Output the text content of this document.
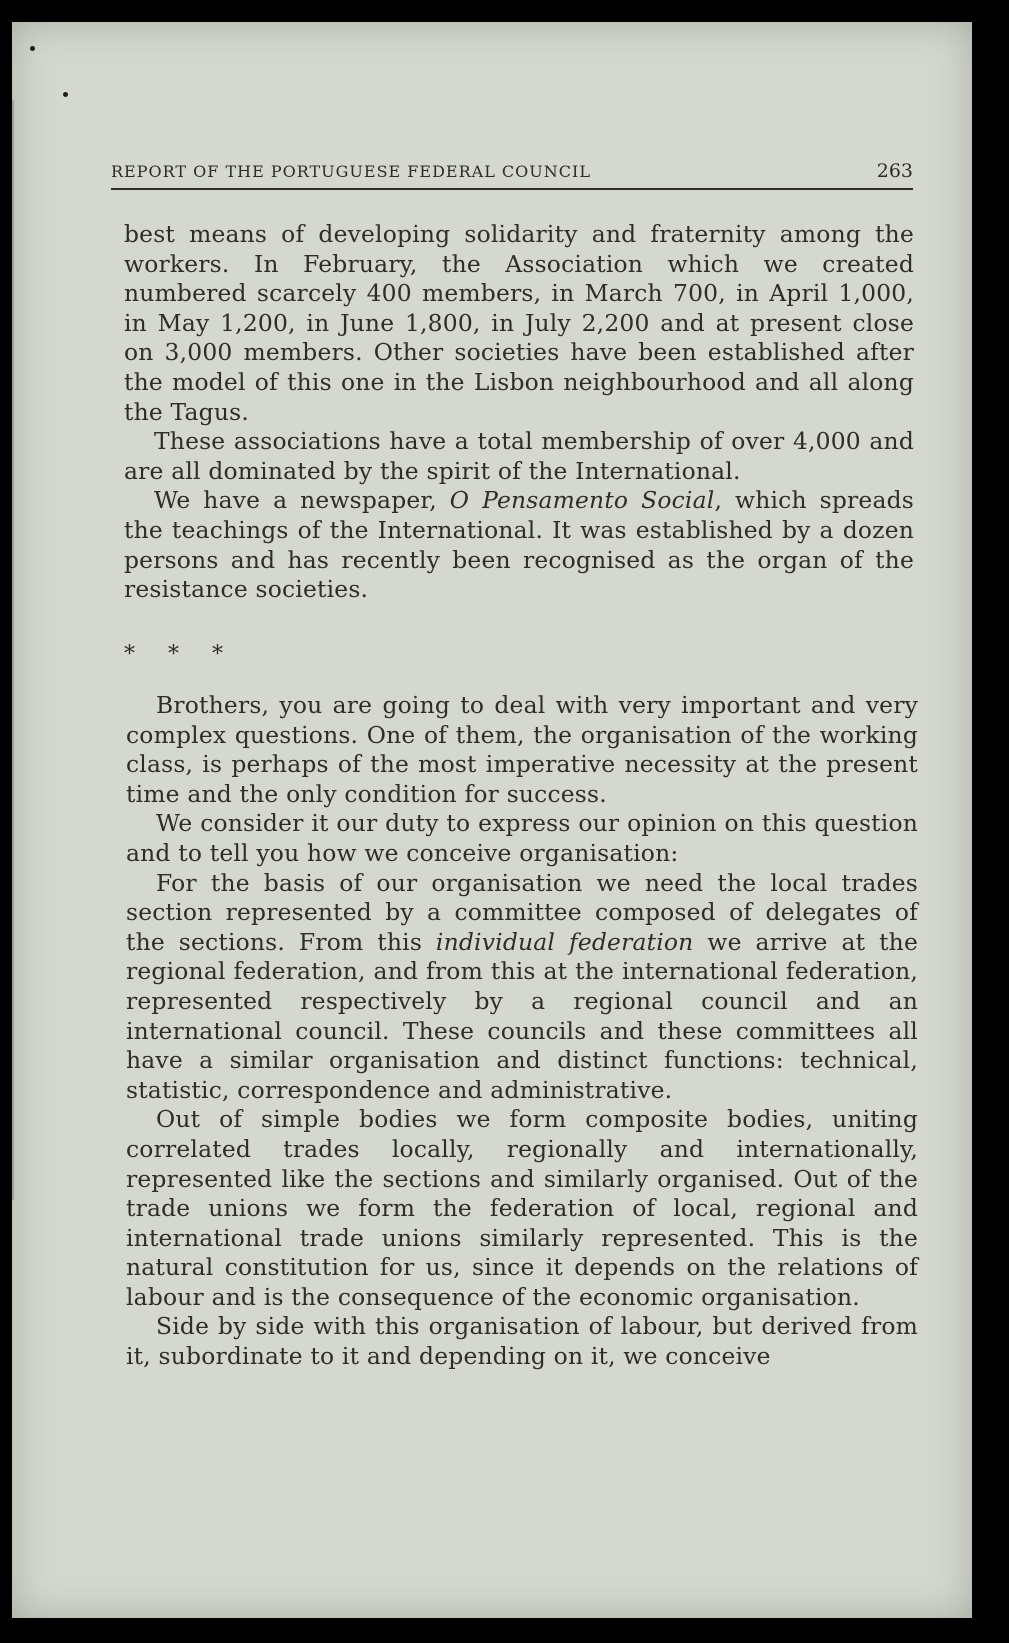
REPORT OF THE PORTUGUESE FEDERAL COUNCIL	263

best means of developing solidarity and fraternity among the workers. In February, the Association which we created numbered scarcely 400 members, in March 700, in April 1,000, in May 1,200, in June 1,800, in July 2,200 and at present close on 3,000 members. Other societies have been established after the model of this one in the Lisbon neighbourhood and all along the Tagus.

These associations have a total membership of over 4,000 and are all dominated by the spirit of the International.

We have a newspaper, O Pensamento Social, which spreads the teachings of the International. It was established by a dozen persons and has recently been recognised as the organ of the resistance societies.

* * *

Brothers, you are going to deal with very important and very complex questions. One of them, the organisation of the working class, is perhaps of the most imperative necessity at the present time and the only condition for success.

We consider it our duty to express our opinion on this question and to tell you how we conceive organisation:

For the basis of our organisation we need the local trades section represented by a committee composed of delegates of the sections. From this individual federation we arrive at the regional federation, and from this at the international federation, represented respectively by a regional council and an international council. These councils and these committees all have a similar organisation and distinct functions: technical, statistic, correspondence and administrative.

Out of simple bodies we form composite bodies, uniting correlated trades locally, regionally and internationally, represented like the sections and similarly organised. Out of the trade unions we form the federation of local, regional and international trade unions similarly represented. This is the natural constitution for us, since it depends on the relations of labour and is the consequence of the economic organisation.

Side by side with this organisation of labour, but derived from it, subordinate to it and depending on it, we conceive
